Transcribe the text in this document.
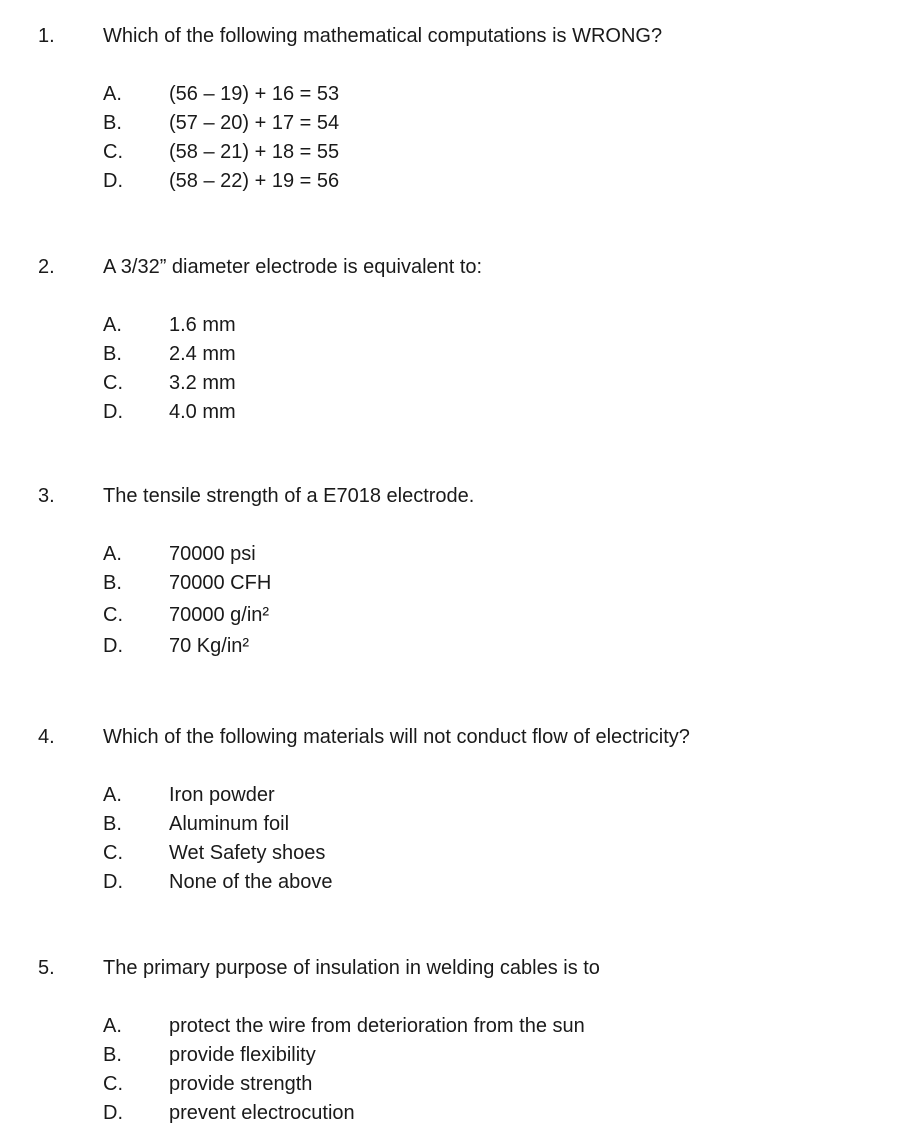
1. Which of the following mathematical computations is WRONG?
A. (56 – 19) + 16 = 53
B. (57 – 20) + 17 = 54
C. (58 – 21) + 18 = 55
D. (58 – 22) + 19 = 56
2. A 3/32” diameter electrode is equivalent to:
A. 1.6 mm
B. 2.4 mm
C. 3.2 mm
D. 4.0 mm
3. The tensile strength of a E7018 electrode.
A. 70000 psi
B. 70000 CFH
C. 70000 g/in²
D. 70 Kg/in²
4. Which of the following materials will not conduct flow of electricity?
A. Iron powder
B. Aluminum foil
C. Wet Safety shoes
D. None of the above
5. The primary purpose of insulation in welding cables is to
A. protect the wire from deterioration from the sun
B. provide flexibility
C. provide strength
D. prevent electrocution
